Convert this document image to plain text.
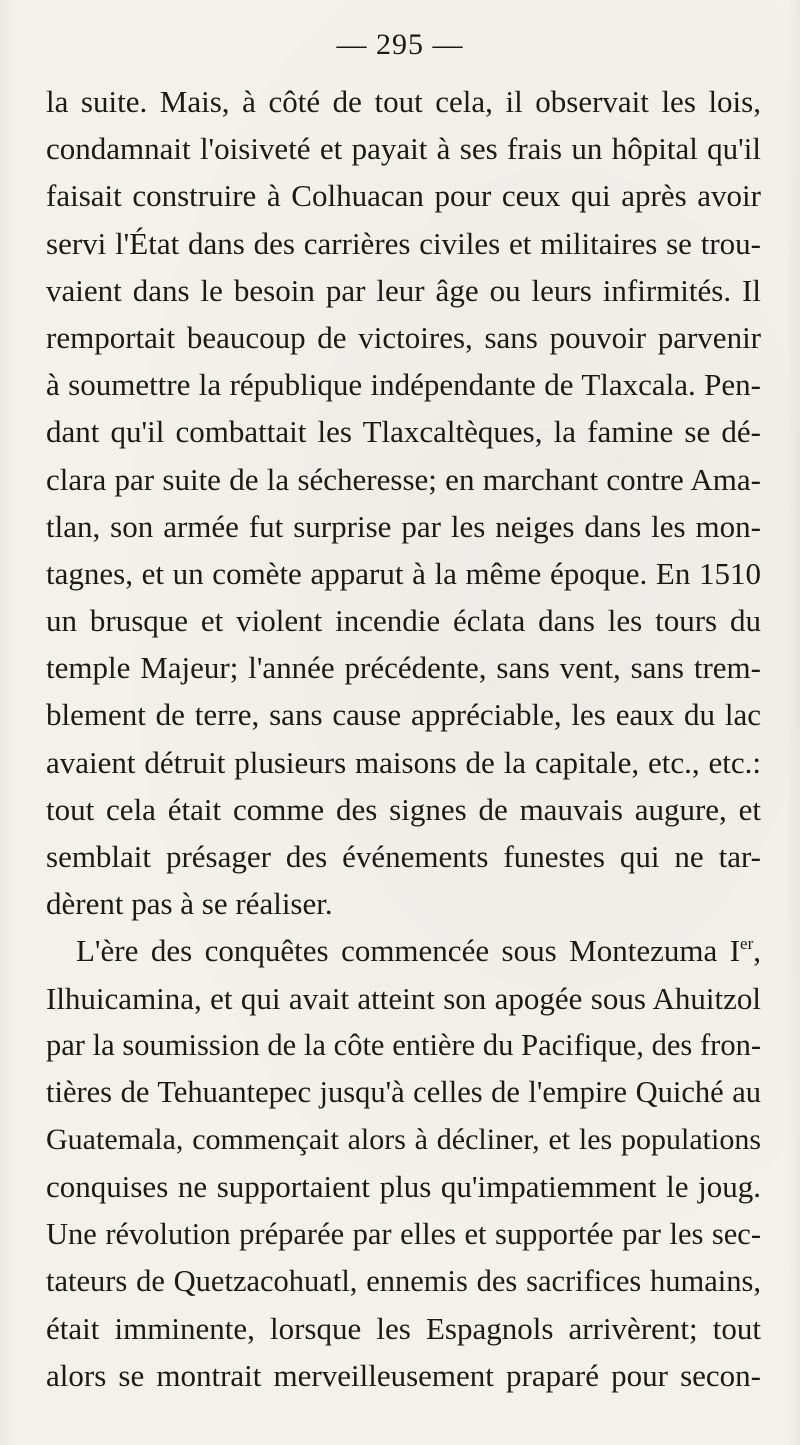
— 295 —
la suite. Mais, à côté de tout cela, il observait les lois,
condamnait l'oisiveté et payait à ses frais un hôpital qu'il
faisait construire à Colhuacan pour ceux qui après avoir
servi l'État dans des carrières civiles et militaires se trou-
vaient dans le besoin par leur âge ou leurs infirmités. Il
remportait beaucoup de victoires, sans pouvoir parvenir
à soumettre la république indépendante de Tlaxcala. Pen-
dant qu'il combattait les Tlaxcaltèques, la famine se dé-
clara par suite de la sécheresse; en marchant contre Ama-
tlan, son armée fut surprise par les neiges dans les mon-
tagnes, et un comète apparut à la même époque. En 1510
un brusque et violent incendie éclata dans les tours du
temple Majeur; l'année précédente, sans vent, sans trem-
blement de terre, sans cause appréciable, les eaux du lac
avaient détruit plusieurs maisons de la capitale, etc., etc.:
tout cela était comme des signes de mauvais augure, et
semblait présager des événements funestes qui ne tar-
dèrent pas à se réaliser.
L'ère des conquêtes commencée sous Montezuma Ier,
Ilhuicamina, et qui avait atteint son apogée sous Ahuitzol
par la soumission de la côte entière du Pacifique, des fron-
tières de Tehuantepec jusqu'à celles de l'empire Quiché au
Guatemala, commençait alors à décliner, et les populations
conquises ne supportaient plus qu'impatiemment le joug.
Une révolution préparée par elles et supportée par les sec-
tateurs de Quetzacohuatl, ennemis des sacrifices humains,
était imminente, lorsque les Espagnols arrivèrent; tout
alors se montrait merveilleusement praparé pour secon-
